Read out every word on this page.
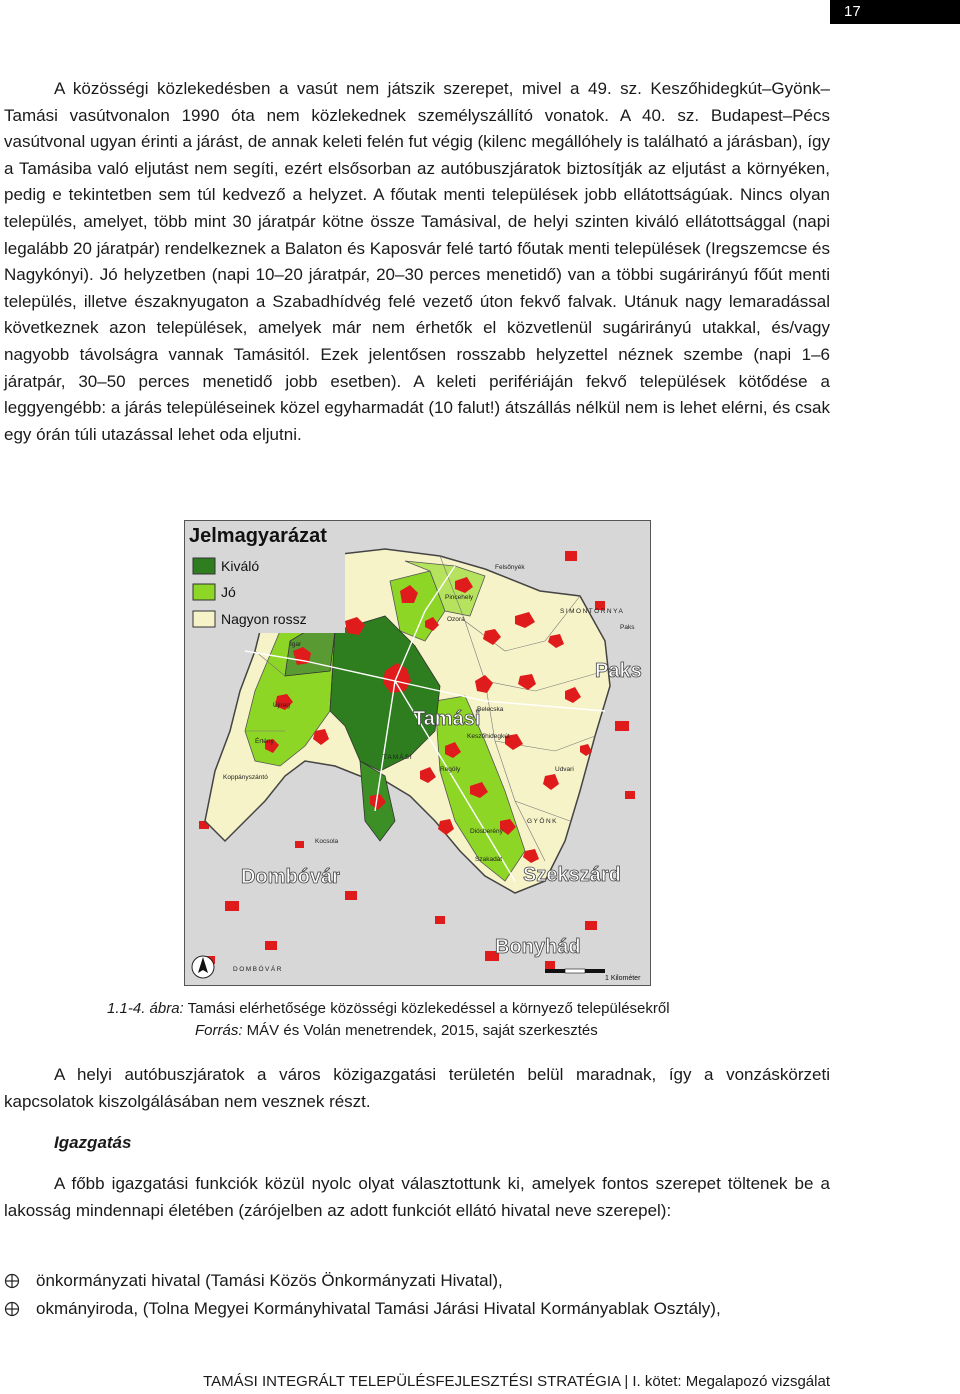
17

A közösségi közlekedésben a vasút nem játszik szerepet, mivel a 49. sz. Keszőhidegkút–Gyönk–Tamási vasútvonalon 1990 óta nem közlekednek személyszállító vonatok. A 40. sz. Budapest–Pécs vasútvonal ugyan érinti a járást, de annak keleti felén fut végig (kilenc megállóhely is található a járásban), így a Tamásiba való eljutást nem segíti, ezért elsősorban az autóbuszjáratok biztosítják az eljutást a környéken, pedig e tekintetben sem túl kedvező a helyzet. A főutak menti települések jobb ellátottságúak. Nincs olyan település, amelyet, több mint 30 járatpár kötne össze Tamásival, de helyi szinten kiváló ellátottsággal (napi legalább 20 járatpár) rendelkeznek a Balaton és Kaposvár felé tartó főutak menti települések (Iregszemcse és Nagykónyi). Jó helyzetben (napi 10–20 járatpár, 20–30 perces menetidő) van a többi sugárirányú főút menti település, illetve északnyugaton a Szabadhídvég felé vezető úton fekvő falvak. Utánuk nagy lemaradással következnek azon települések, amelyek már nem érhetők el közvetlenül sugárirányú utakkal, és/vagy nagyobb távolságra vannak Tamásitól. Ezek jelentősen rosszabb helyzettel néznek szembe (napi 1–6 járatpár, 30–50 perces menetidő jobb esetben). A keleti perifériáján fekvő települések kötődése a leggyengébb: a járás településeinek közel egyharmadát (10 falut!) átszállás nélkül nem is lehet elérni, és csak egy órán túli utazással lehet oda eljutni.

Jelmagyarázat
Kiváló
Jó
Nagyon rossz
Tamási
Paks
Dombóvár	Szekszárd
Bonyhád
SIMONTORNYA
DOMBÓVÁR
GYÖNK
TAMÁSI
Felsőnyék
Ozora
Igar
Újireg
Értény
Koppányszántó
Belecska
Keszőhidegkút
Regöly	Udvari
Kocsola
Diósberény
Szakadát
Pincehely
Paks
1 Kilométer
1.1-4. ábra: Tamási elérhetősége közösségi közlekedéssel a környező településekről
Forrás: MÁV és Volán menetrendek, 2015, saját szerkesztés

A helyi autóbuszjáratok a város közigazgatási területén belül maradnak, így a vonzáskörzeti kapcsolatok kiszolgálásában nem vesznek részt.

Igazgatás

A főbb igazgatási funkciók közül nyolc olyat választottunk ki, amelyek fontos szerepet töltenek be a lakosság mindennapi életében (zárójelben az adott funkciót ellátó hivatal neve szerepel):

önkormányzati hivatal (Tamási Közös Önkormányzati Hivatal),
okmányiroda, (Tolna Megyei Kormányhivatal Tamási Járási Hivatal Kormányablak Osztály),
TAMÁSI INTEGRÁLT TELEPÜLÉSFEJLESZTÉSI STRATÉGIA | I. kötet: Megalapozó vizsgálat
